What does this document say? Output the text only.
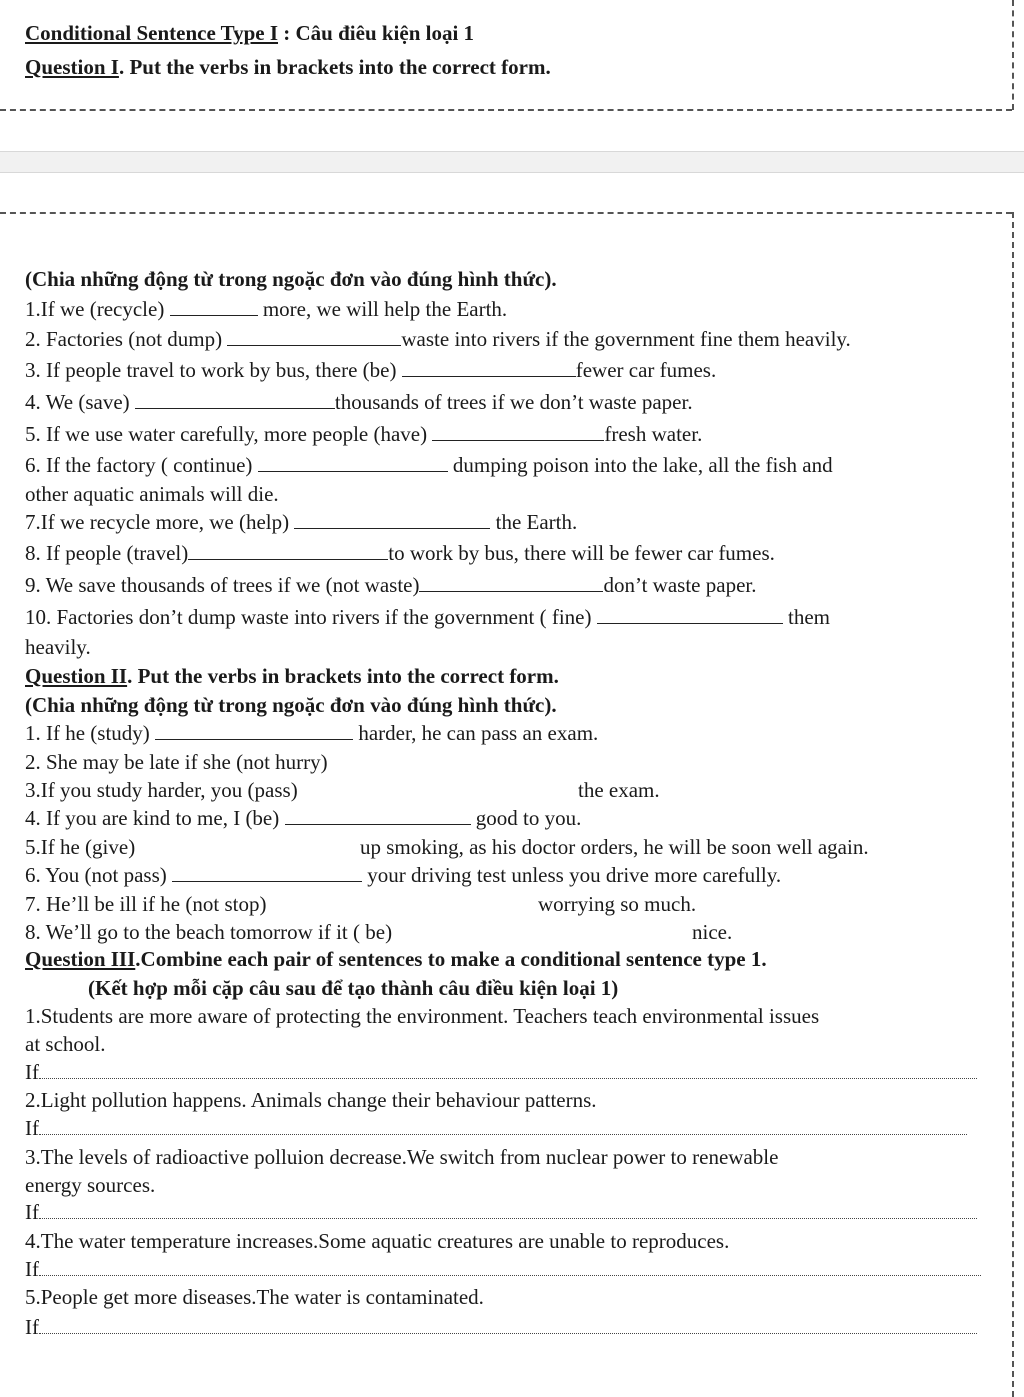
Conditional Sentence Type I : Câu điêu kiện loại 1
Question I. Put the verbs in brackets into the correct form.
(Chia những động từ trong ngoặc đơn vào đúng hình thức).
1.If we (recycle)	more, we will help the Earth.
2. Factories (not dump)	waste into rivers if the government fine them heavily.
3. If people travel to work by bus, there (be)	fewer car fumes.
4. We (save)	thousands of trees if we don’t waste paper.
5. If we use water carefully, more people (have)	fresh water.
6. If the factory ( continue)	dumping poison into the lake, all the fish and
other aquatic animals will die.
7.If we recycle more, we (help)	the Earth.
8. If people (travel)	to work by bus, there will be fewer car fumes.
9. We save thousands of trees if we (not waste)	don’t waste paper.
10. Factories don’t dump waste into rivers if the government ( fine)	them
heavily.
Question II. Put the verbs in brackets into the correct form.
(Chia những động từ trong ngoặc đơn vào đúng hình thức).
1. If he (study)	harder, he can pass an exam.
2. She may be late if she (not hurry)
3.If you study harder, you (pass)	the exam.
4. If you are kind to me, I (be)	good to you.
5.If he (give)	up smoking, as his doctor orders, he will be soon well again.
6. You (not pass)	your driving test unless you drive more carefully.
7. He’ll be ill if he (not stop)	worrying so much.
8. We’ll go to the beach tomorrow if it ( be)	nice.
Question III.Combine each pair of sentences to make a conditional sentence type 1.
(Kết hợp mỗi cặp câu sau để tạo thành câu điều kiện loại 1)
1.Students are more aware of protecting the environment. Teachers teach environmental issues
at school.
If
2.Light pollution happens. Animals change their behaviour patterns.
If
3.The levels of radioactive polluion decrease.We switch from nuclear power to renewable
energy sources.
If
4.The water temperature increases.Some aquatic creatures are unable to reproduces.
If
5.People get more diseases.The water is contaminated.
If
